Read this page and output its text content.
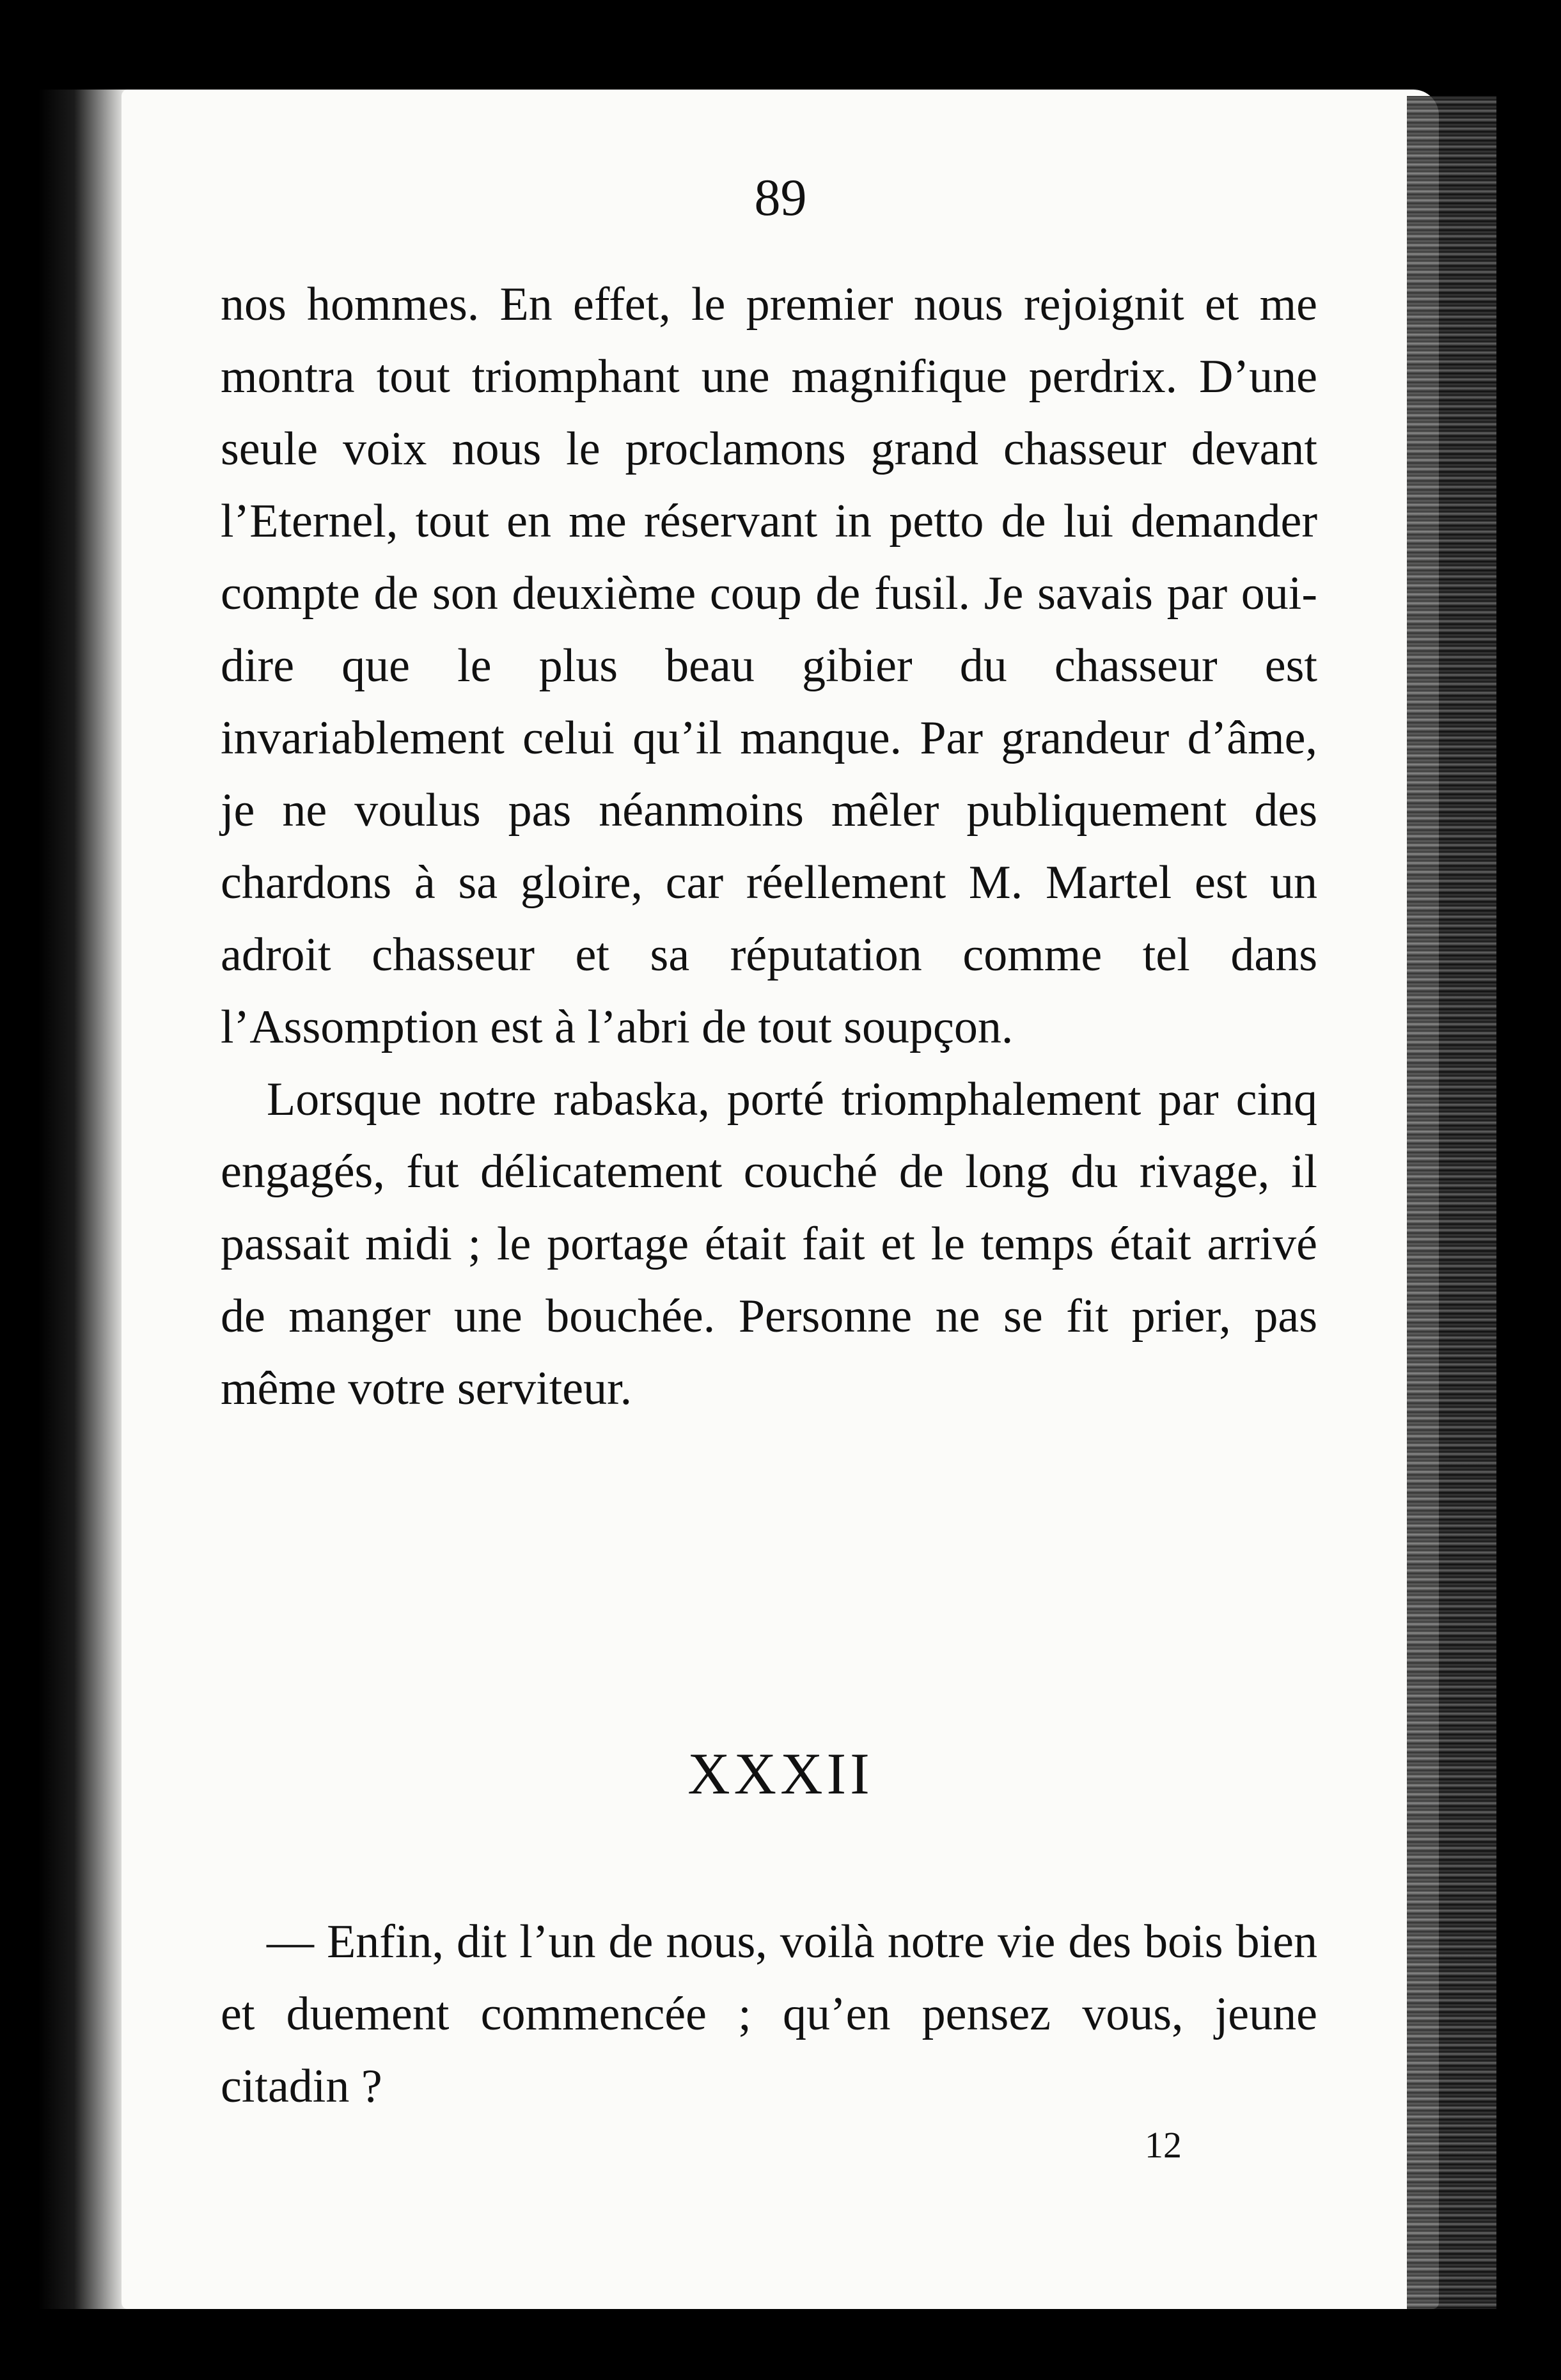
89

nos hommes. En effet, le premier nous rejoignit et me montra tout triomphant une magnifique perdrix. D’une seule voix nous le proclamons grand chasseur devant l’Eternel, tout en me réservant in petto de lui demander compte de son deuxième coup de fusil. Je savais par oui-dire que le plus beau gibier du chasseur est invariablement celui qu’il manque. Par grandeur d’âme, je ne voulus pas néanmoins mêler publiquement des chardons à sa gloire, car réellement M. Martel est un adroit chasseur et sa réputation comme tel dans l’Assomption est à l’abri de tout soupçon.

Lorsque notre rabaska, porté triomphalement par cinq engagés, fut délicatement couché de long du rivage, il passait midi ; le portage était fait et le temps était arrivé de manger une bouchée. Personne ne se fit prier, pas même votre serviteur.

XXXII

— Enfin, dit l’un de nous, voilà notre vie des bois bien et duement commencée ; qu’en pensez vous, jeune citadin ?

12
